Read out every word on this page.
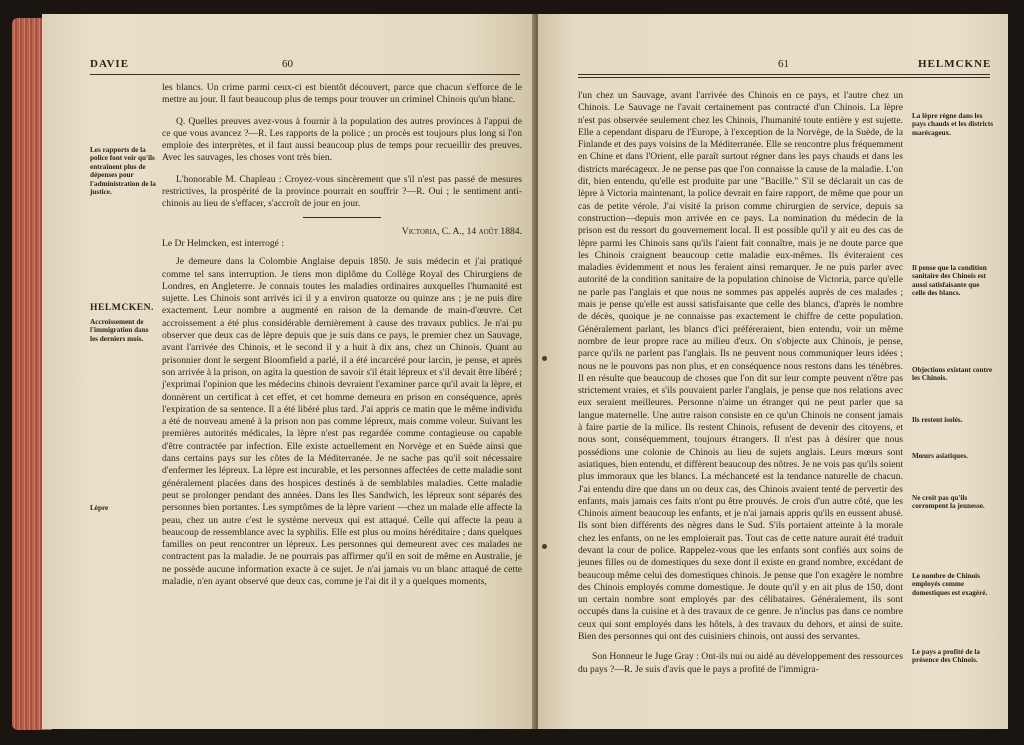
DAVIE	60

les blancs. Un crime parmi ceux-ci est bientôt découvert, parce que chacun s'efforce de le mettre au jour. Il faut beaucoup plus de temps pour trouver un criminel Chinois qu'un blanc.

Q. Quelles preuves avez-vous à fournir à la population des autres provinces à l'appui de ce que vous avancez ?—R. Les rapports de la police ; un procès est toujours plus long si l'on emploie des interprètes, et il faut aussi beaucoup plus de temps pour recueillir des preuves. Avec les sauvages, les choses vont très bien.

L'honorable M. Chapleau : Croyez-vous sincèrement que s'il n'est pas passé de mesures restrictives, la prospérité de la province pourrait en souffrir ?—R. Oui ; le sentiment anti-chinois au lieu de s'effacer, s'accroît de jour en jour.

Victoria, C. A., 14 août 1884.

Le Dr Helmcken, est interrogé :

Je demeure dans la Colombie Anglaise depuis 1850. Je suis médecin et j'ai pratiqué comme tel sans interruption. Je tiens mon diplôme du Collège Royal des Chirurgiens de Londres, en Angleterre. Je connais toutes les maladies ordinaires auxquelles l'humanité est sujette. Les Chinois sont arrivés ici il y a environ quatorze ou quinze ans ; je ne puis dire exactement. Leur nombre a augmenté en raison de la demande de main-d'œuvre. Cet accroissement a été plus considérable dernièrement à cause des travaux publics. Je n'ai pu observer que deux cas de lèpre depuis que je suis dans ce pays, le premier chez un Sauvage, avant l'arrivée des Chinois, et le second il y a huit à dix ans, chez un Chinois. Quant au prisonnier dont le sergent Bloomfield a parlé, il a été incarcéré pour larcin, je pense, et après son arrivée à la prison, on agita la question de savoir s'il était lépreux et s'il devait être libéré ; j'exprimai l'opinion que les médecins chinois devraient l'examiner parce qu'il avait la lèpre, et donnèrent un certificat à cet effet, et cet homme demeura en prison en conséquence, après l'expiration de sa sentence. Il a été libéré plus tard. J'ai appris ce matin que le même individu a été de nouveau amené à la prison non pas comme lépreux, mais comme voleur. Suivant les premières autorités médicales, la lèpre n'est pas regardée comme contagieuse ou capable d'être contractée par infection. Elle existe actuellement en Norvège et en Suède ainsi que dans certains pays sur les côtes de la Méditerranée. Je ne sache pas qu'il soit nécessaire d'enfermer les lépreux. La lèpre est incurable, et les personnes affectées de cette maladie sont généralement placées dans des hospices destinés à de semblables maladies. Cette maladie peut se prolonger pendant des années. Dans les Iles Sandwich, les lépreux sont séparés des personnes bien portantes. Les symptômes de la lèpre varient —chez un malade elle affecte la peau, chez un autre c'est le système nerveux qui est attaqué. Celle qui affecte la peau a beaucoup de ressemblance avec la syphilis. Elle est plus ou moins héréditaire ; dans quelques familles on peut rencontrer un lépreux. Les personnes qui demeurent avec ces malades ne contractent pas la maladie. Je ne pourrais pas affirmer qu'il en soit de même en Australie, je ne possède aucune information exacte à ce sujet. Je n'ai jamais vu un blanc attaqué de cette maladie, n'en ayant observé que deux cas, comme je l'ai dit il y a quelques moments,

HELMCKEN.
Les rapports de la police font voir qu'ils entraînent plus de dépenses pour l'administration de la justice.
Accroissement de l'immigration dans les derniers mois.
Lèpre
61	HELMCKNE

l'un chez un Sauvage, avant l'arrivée des Chinois en ce pays, et l'autre chez un Chinois. Le Sauvage ne l'avait certainement pas contracté d'un Chinois. La lèpre n'est pas observée seulement chez les Chinois, l'humanité toute entière y est sujette. Elle a cependant disparu de l'Europe, à l'exception de la Norvège, de la Suède, de la Finlande et des pays voisins de la Méditerranée. Elle se rencontre plus fréquemment en Chine et dans l'Orient, elle paraît surtout régner dans les pays chauds et dans les districts marécageux. Je ne pense pas que l'on connaisse la cause de la maladie. L'on dit, bien entendu, qu'elle est produite par une "Bacille." S'il se déclarait un cas de lèpre à Victoria maintenant, la police devrait en faire rapport, de même que pour un cas de petite vérole. J'ai visité la prison comme chirurgien de service, depuis sa construction—depuis mon arrivée en ce pays. La nomination du médecin de la prison est du ressort du gouvernement local. Il est possible qu'il y ait eu des cas de lèpre parmi les Chinois sans qu'ils l'aient fait connaître, mais je ne doute parce que les Chinois craignent beaucoup cette maladie eux-mêmes. Ils éviteraient ces maladies évidemment et nous les feraient ainsi remarquer. Je ne puis parler avec autorité de la condition sanitaire de la population chinoise de Victoria, parce qu'elle ne parle pas l'anglais et que nous ne sommes pas appelés auprès de ces malades ; mais je pense qu'elle est aussi satisfaisante que celle des blancs, d'après le nombre de décès, quoique je ne connaisse pas exactement le chiffre de cette population. Généralement parlant, les blancs d'ici préféreraient, bien entendu, voir un même nombre de leur propre race au milieu d'eux. On s'objecte aux Chinois, je pense, parce qu'ils ne parlent pas l'anglais. Ils ne peuvent nous communiquer leurs idées ; nous ne le pouvons pas non plus, et en conséquence nous restons dans les ténèbres. Il en résulte que beaucoup de choses que l'on dit sur leur compte peuvent n'être pas strictement vraies, et s'ils pouvaient parler l'anglais, je pense que nos relations avec eux seraient meilleures. Personne n'aime un étranger qui ne peut parler que sa langue maternelle. Une autre raison consiste en ce qu'un Chinois ne consent jamais à faire partie de la milice. Ils restent Chinois, refusent de devenir des citoyens, et nous sont, conséquemment, toujours étrangers. Il n'est pas à désirer que nous possédions une colonie de Chinois au lieu de sujets anglais. Leurs mœurs sont asiatiques, bien entendu, et diffèrent beaucoup des nôtres. Je ne vois pas qu'ils soient plus immoraux que les blancs. La méchanceté est la tendance naturelle de chacun. J'ai entendu dire que dans un ou deux cas, des Chinois avaient tenté de pervertir des enfants, mais jamais ces faits n'ont pu être prouvés. Je crois d'un autre côté, que les Chinois aiment beaucoup les enfants, et je n'ai jamais appris qu'ils en eussent abusé. Ils sont bien différents des nègres dans le Sud. S'ils portaient atteinte à la morale chez les enfants, on ne les emploierait pas. Tout cas de cette nature aurait été traduit devant la cour de police. Rappelez-vous que les enfants sont confiés aux soins de jeunes filles ou de domestiques du sexe dont il existe en grand nombre, excédant de beaucoup même celui des domestiques chinois. Je pense que l'on exagère le nombre des Chinois employés comme domestique. Je doute qu'il y en ait plus de 150, dont un certain nombre sont employés par des célibataires. Généralement, ils sont occupés dans la cuisine et à des travaux de ce genre. Je n'inclus pas dans ce nombre ceux qui sont employés dans les hôtels, à des travaux du dehors, et ainsi de suite. Bien des personnes qui ont des cuisiniers chinois, ont aussi des servantes.

Son Honneur le Juge Gray : Ont-ils nui ou aidé au développement des ressources du pays ?—R. Je suis d'avis que le pays a profité de l'immigra-

La lèpre règne dans les pays chauds et les districts marécageux.
Il pense que la condition sanitaire des Chinois est aussi satisfaisante que celle des blancs.
Objections existant contre les Chinois.
Ils restent isolés.
Mœurs asiatiques.
Ne croit pas qu'ils corrompent la jeunesse.
Le nombre de Chinois employés comme domestiques est exagéré.
Le pays a profité de la présence des Chinois.
